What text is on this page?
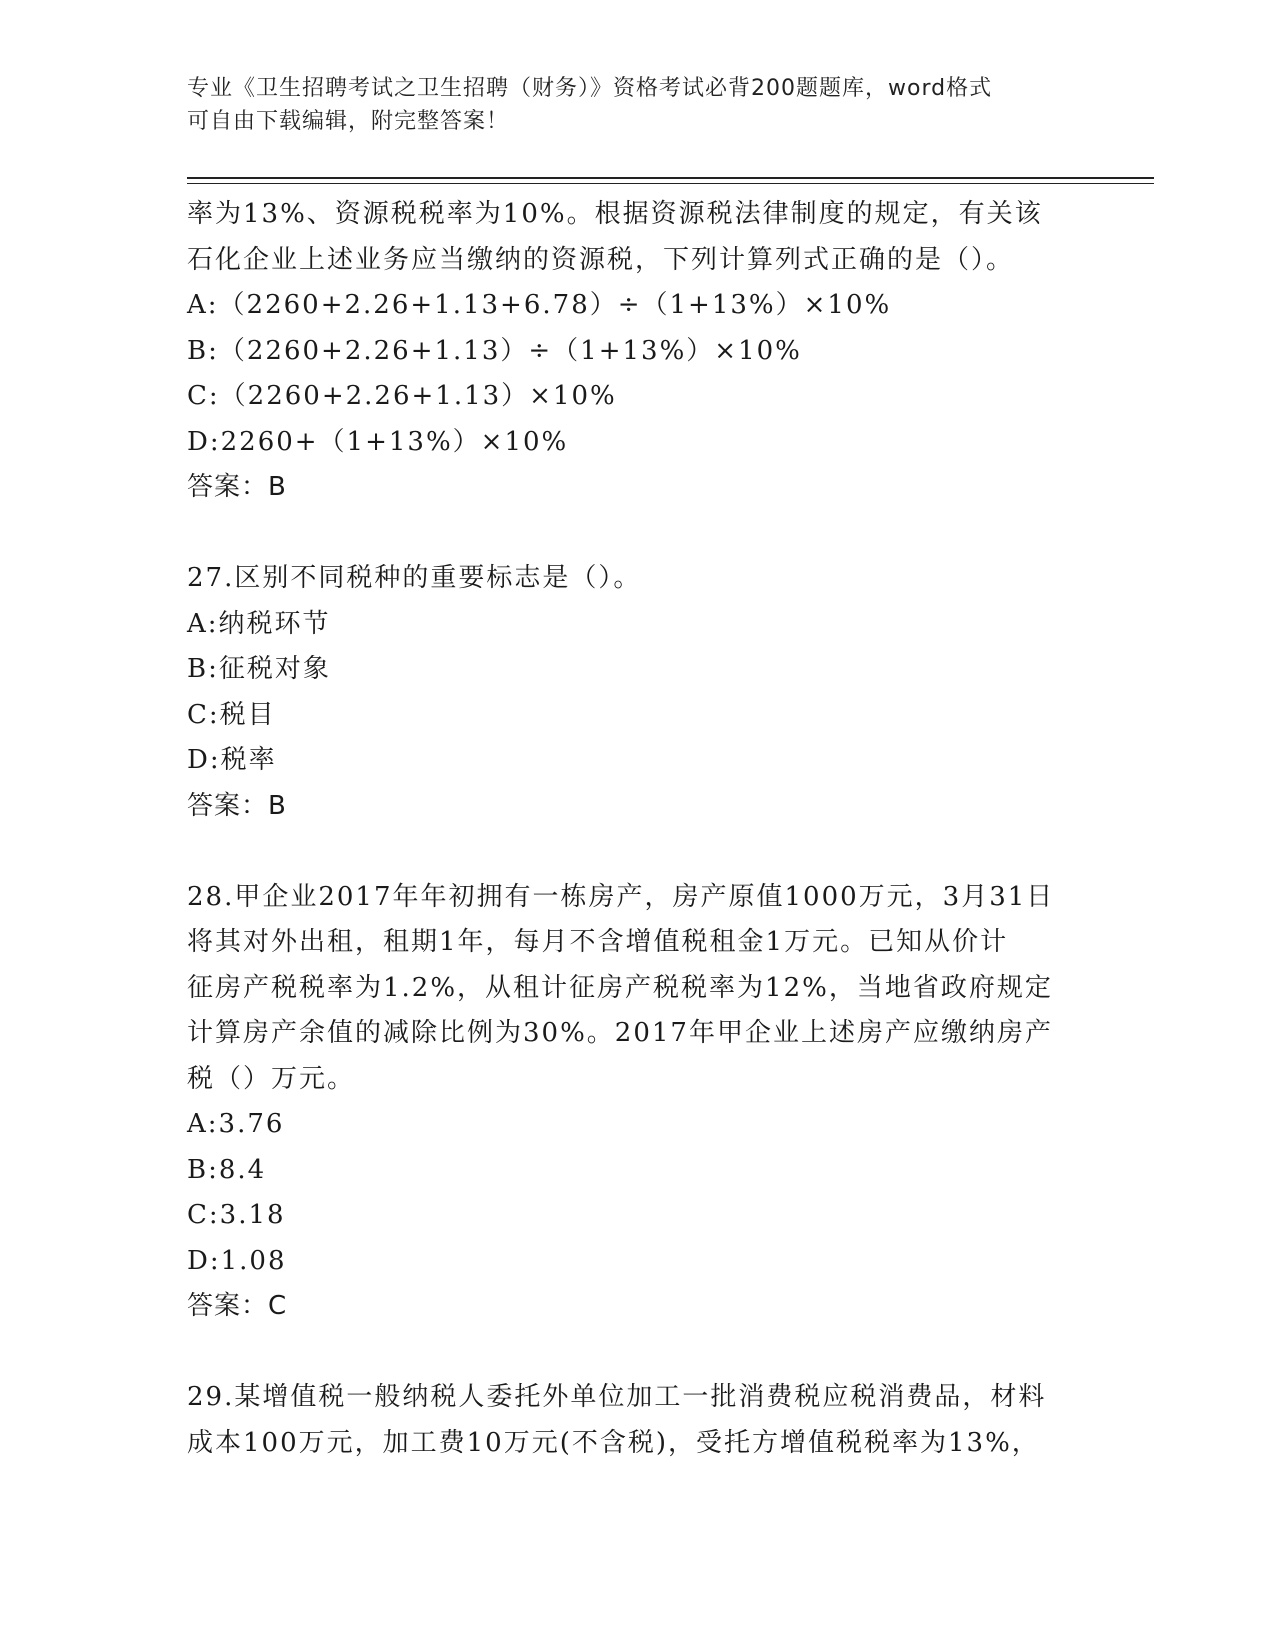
专业《卫生招聘考试之卫生招聘（财务）》资格考试必背200题题库，word格式
可自由下载编辑，附完整答案！
率为13%、资源税税率为10%。根据资源税法律制度的规定，有关该
石化企业上述业务应当缴纳的资源税，下列计算列式正确的是（）。
A:（2260+2.26+1.13+6.78）÷（1+13%）×10%
B:（2260+2.26+1.13）÷（1+13%）×10%
C:（2260+2.26+1.13）×10%
D:2260+（1+13%）×10%
答案：B
27.区别不同税种的重要标志是（）。
A:纳税环节
B:征税对象
C:税目
D:税率
答案：B
28.甲企业2017年年初拥有一栋房产，房产原值1000万元，3月31日
将其对外出租，租期1年，每月不含增值税租金1万元。已知从价计
征房产税税率为1.2%，从租计征房产税税率为12%，当地省政府规定
计算房产余值的减除比例为30%。2017年甲企业上述房产应缴纳房产
税（）万元。
A:3.76
B:8.4
C:3.18
D:1.08
答案：C
29.某增值税一般纳税人委托外单位加工一批消费税应税消费品，材料
成本100万元，加工费10万元(不含税)，受托方增值税税率为13%，
